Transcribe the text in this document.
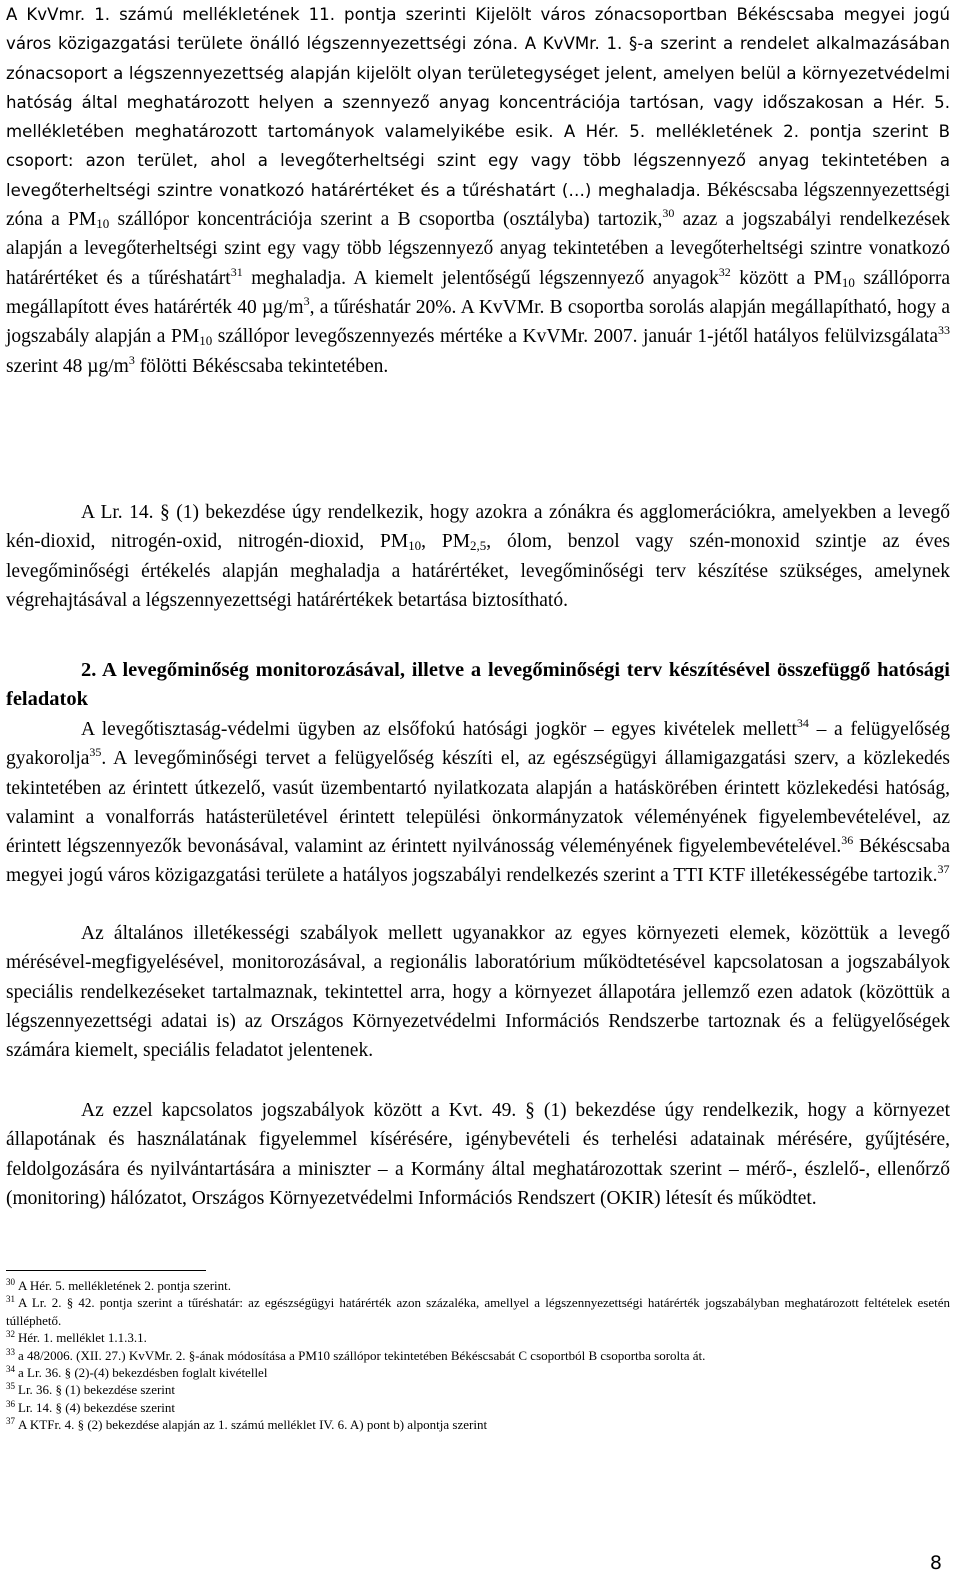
A KvVmr. 1. számú mellékletének 11. pontja szerinti Kijelölt város zónacsoportban Békéscsaba megyei jogú város közigazgatási területe önálló légszennyezettségi zóna. A KvVMr. 1. §-a szerint a rendelet alkalmazásában zónacsoport a légszennyezettség alapján kijelölt olyan területegységet jelent, amelyen belül a környezetvédelmi hatóság által meghatározott helyen a szennyező anyag koncentrációja tartósan, vagy időszakosan a Hér. 5. mellékletében meghatározott tartományok valamelyikébe esik. A Hér. 5. mellékletének 2. pontja szerint B csoport: azon terület, ahol a levegőterheltségi szint egy vagy több légszennyező anyag tekintetében a levegőterheltségi szintre vonatkozó határértéket és a tűréshatárt (…) meghaladja. Békéscsaba légszennyezettségi zóna a $PM_{10}$ szállópor koncentrációja szerint a B csoportba (osztályba) tartozik,$^{30}$ azaz a jogszabályi rendelkezések alapján a levegőterheltségi szint egy vagy több légszennyező anyag tekintetében a levegőterheltségi szintre vonatkozó határértéket és a tűréshatárt$^{31}$ meghaladja. A kiemelt jelentőségű légszennyező anyagok$^{32}$ között a $PM_{10}$ szállóporra megállapított éves határérték 40 $\mu g/m^3$, a tűréshatár 20%. A KvVMr. B csoportba sorolás alapján megállapítható, hogy a jogszabály alapján a $PM_{10}$ szállópor levegőszennyezés mértéke a KvVMr. 2007. január 1-jétől hatályos felülvizsgálata$^{33}$ szerint 48 $\mu g/m^3$ fölötti Békéscsaba tekintetében.

A Lr. 14. § (1) bekezdése úgy rendelkezik, hogy azokra a zónákra és agglomerációkra, amelyekben a levegő kén-dioxid, nitrogén-oxid, nitrogén-dioxid, $PM_{10}$, $PM_{2,5}$, ólom, benzol vagy szén-monoxid szintje az éves levegőminőségi értékelés alapján meghaladja a határértéket, levegőminőségi terv készítése szükséges, amelynek végrehajtásával a légszennyezettségi határértékek betartása biztosítható.

2. A levegőminőség monitorozásával, illetve a levegőminőségi terv készítésével összefüggő hatósági feladatok

A levegőtisztaság-védelmi ügyben az elsőfokú hatósági jogkör – egyes kivételek mellett$^{34}$ – a felügyelőség gyakorolja$^{35}$. A levegőminőségi tervet a felügyelőség készíti el, az egészségügyi államigazgatási szerv, a közlekedés tekintetében az érintett útkezelő, vasút üzembentartó nyilatkozata alapján a hatáskörében érintett közlekedési hatóság, valamint a vonalforrás hatásterületével érintett települési önkormányzatok véleményének figyelembevételével, az érintett légszennyezők bevonásával, valamint az érintett nyilvánosság véleményének figyelembevételével.$^{36}$ Békéscsaba megyei jogú város közigazgatási területe a hatályos jogszabályi rendelkezés szerint a TTI KTF illetékességébe tartozik.$^{37}$

Az általános illetékességi szabályok mellett ugyanakkor az egyes környezeti elemek, közöttük a levegő mérésével-megfigyelésével, monitorozásával, a regionális laboratórium működtetésével kapcsolatosan a jogszabályok speciális rendelkezéseket tartalmaznak, tekintettel arra, hogy a környezet állapotára jellemző ezen adatok (közöttük a légszennyezettségi adatai is) az Országos Környezetvédelmi Információs Rendszerbe tartoznak és a felügyelőségek számára kiemelt, speciális feladatot jelentenek.

Az ezzel kapcsolatos jogszabályok között a Kvt. 49. § (1) bekezdése úgy rendelkezik, hogy a környezet állapotának és használatának figyelemmel kísérésére, igénybevételi és terhelési adatainak mérésére, gyűjtésére, feldolgozására és nyilvántartására a miniszter – a Kormány által meghatározottak szerint – mérő-, észlelő-, ellenőrző (monitoring) hálózatot, Országos Környezetvédelmi Információs Rendszert (OKIR) létesít és működtet.

$^{30}$ A Hér. 5. mellékletének 2. pontja szerint.

$^{31}$ A Lr. 2. § 42. pontja szerint a tűréshatár: az egészségügyi határérték azon százaléka, amellyel a légszennyezettségi határérték jogszabályban meghatározott feltételek esetén túlléphető.

$^{32}$ Hér. 1. melléklet 1.1.3.1.

$^{33}$ a 48/2006. (XII. 27.) KvVMr. 2. §-ának módosítása a PM10 szállópor tekintetében Békéscsabát C csoportból B csoportba sorolta át.

$^{34}$ a Lr. 36. § (2)-(4) bekezdésben foglalt kivétellel

$^{35}$ Lr. 36. § (1) bekezdése szerint

$^{36}$ Lr. 14. § (4) bekezdése szerint

$^{37}$ A KTFr. 4. § (2) bekezdése alapján az 1. számú melléklet IV. 6. A) pont b) alpontja szerint

8
